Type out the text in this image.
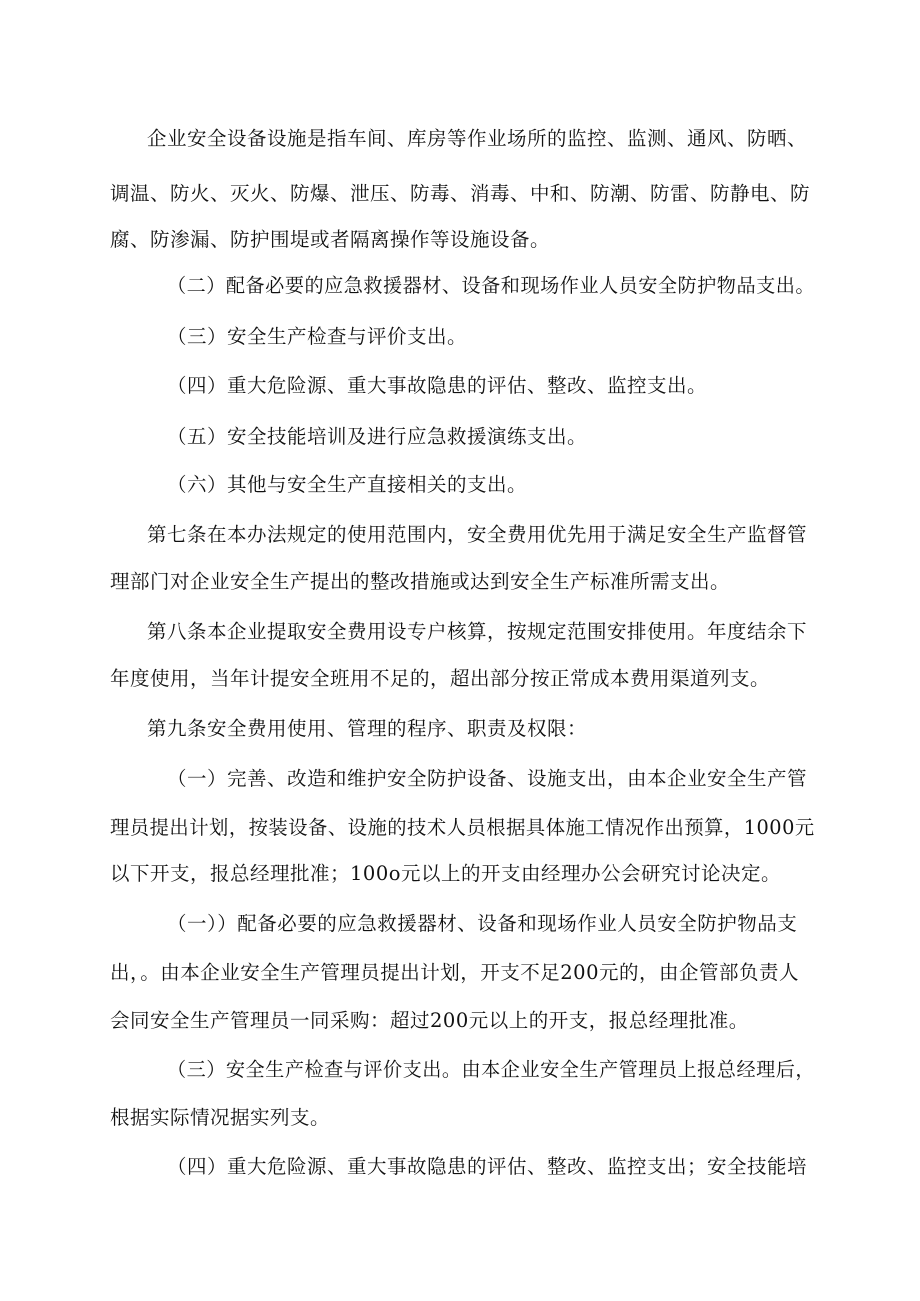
企业安全设备设施是指车间、库房等作业场所的监控、监测、通风、防晒、
调温、防火、灭火、防爆、泄压、防毒、消毒、中和、防潮、防雷、防静电、防
腐、防渗漏、防护围堤或者隔离操作等设施设备。
（二）配备必要的应急救援器材、设备和现场作业人员安全防护物品支出。
（三）安全生产检查与评价支出。
（四）重大危险源、重大事故隐患的评估、整改、监控支出。
（五）安全技能培训及进行应急救援演练支出。
（六）其他与安全生产直接相关的支出。
第七条在本办法规定的使用范围内，安全费用优先用于满足安全生产监督管
理部门对企业安全生产提出的整改措施或达到安全生产标准所需支出。
第八条本企业提取安全费用设专户核算，按规定范围安排使用。年度结余下
年度使用，当年计提安全班用不足的，超出部分按正常成本费用渠道列支。
第九条安全费用使用、管理的程序、职责及权限：
（一）完善、改造和维护安全防护设备、设施支出，由本企业安全生产管
理员提出计划，按装设备、设施的技术人员根据具体施工情况作出预算，1000元
以下开支，报总经理批准；100o元以上的开支由经理办公会研究讨论决定。
（一））配备必要的应急救援器材、设备和现场作业人员安全防护物品支
出，。由本企业安全生产管理员提出计划，开支不足200元的，由企管部负责人
会同安全生产管理员一同采购：超过200元以上的开支，报总经理批准。
（三）安全生产检查与评价支出。由本企业安全生产管理员上报总经理后，
根据实际情况据实列支。
（四）重大危险源、重大事故隐患的评估、整改、监控支出；安全技能培
